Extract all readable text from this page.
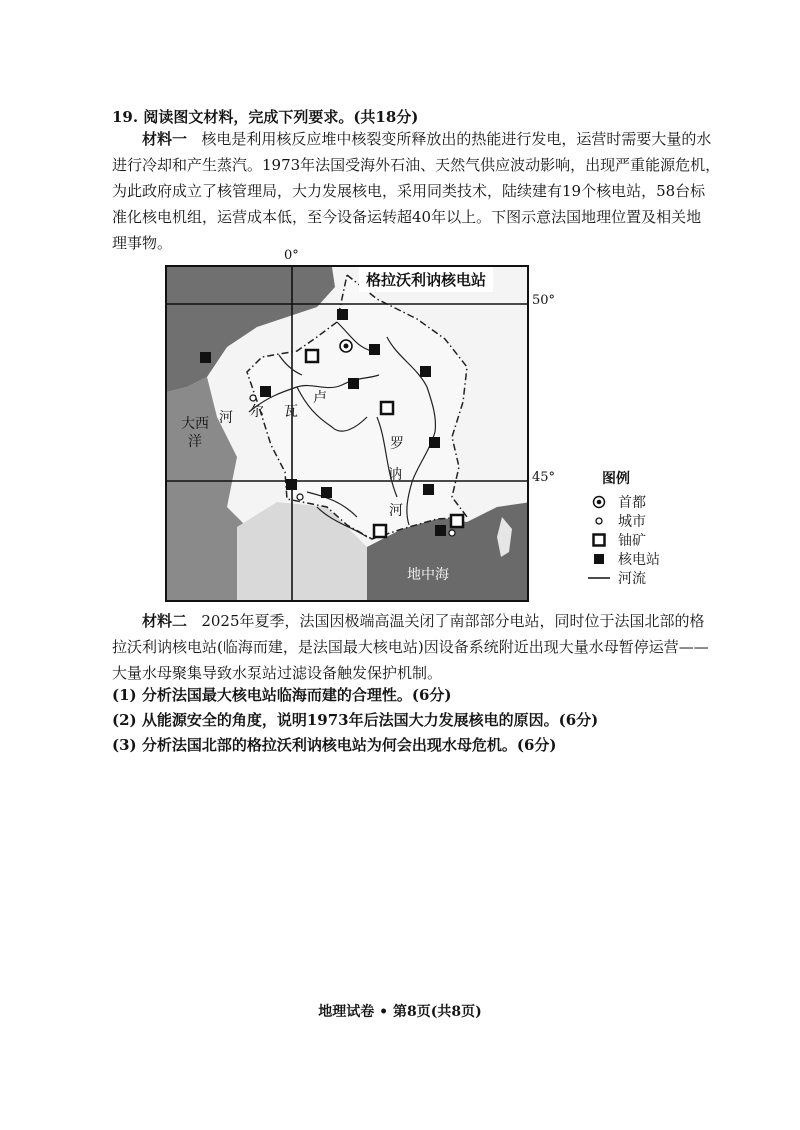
19. 阅读图文材料，完成下列要求。(共18分)
材料一 核电是利用核反应堆中核裂变所释放出的热能进行发电，运营时需要大量的水
进行冷却和产生蒸汽。1973年法国受海外石油、天然气供应波动影响，出现严重能源危机，
为此政府成立了核管理局，大力发展核电，采用同类技术，陆续建有19个核电站，58台标
准化核电机组，运营成本低，至今设备运转超40年以上。下图示意法国地理位置及相关地
理事物。
格拉沃利讷核电站
大西洋
地中海
河 尔 瓦
卢
罗
讷
河
0°
50°
45°	图例
首都
城市
铀矿
核电站
河流
材料二 2025年夏季，法国因极端高温关闭了南部部分电站，同时位于法国北部的格
拉沃利讷核电站(临海而建，是法国最大核电站)因设备系统附近出现大量水母暂停运营——
大量水母聚集导致水泵站过滤设备触发保护机制。
(1) 分析法国最大核电站临海而建的合理性。(6分)
(2) 从能源安全的角度，说明1973年后法国大力发展核电的原因。(6分)
(3) 分析法国北部的格拉沃利讷核电站为何会出现水母危机。(6分)
地理试卷 • 第8页(共8页)
